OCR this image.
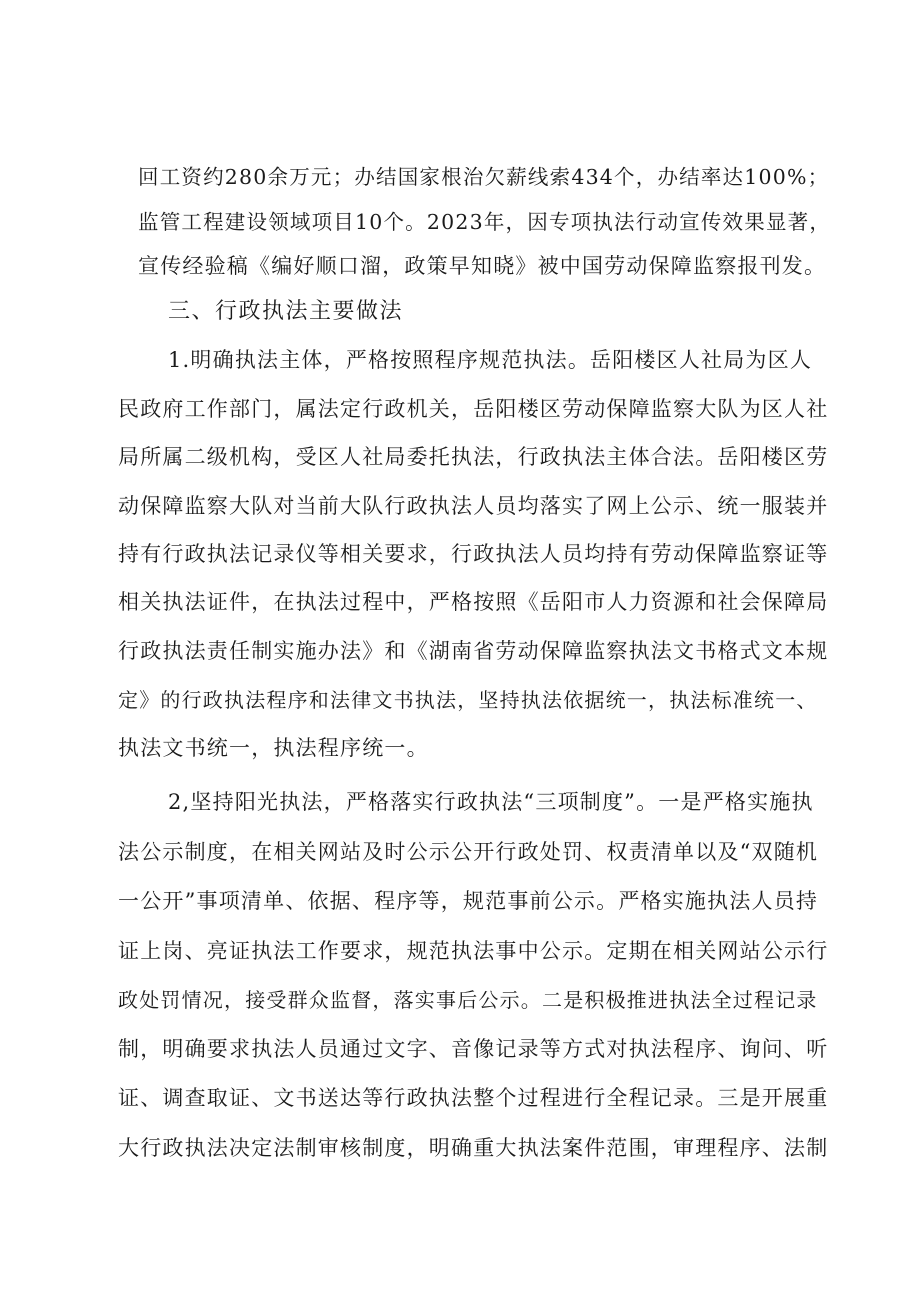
回工资约280余万元；办结国家根治欠薪线索434个，办结率达100%；
监管工程建设领域项目10个。2023年，因专项执法行动宣传效果显著，
宣传经验稿《编好顺口溜，政策早知晓》被中国劳动保障监察报刊发。
三、行政执法主要做法
1.明确执法主体，严格按照程序规范执法。岳阳楼区人社局为区人
民政府工作部门，属法定行政机关，岳阳楼区劳动保障监察大队为区人社
局所属二级机构，受区人社局委托执法，行政执法主体合法。岳阳楼区劳
动保障监察大队对当前大队行政执法人员均落实了网上公示、统一服装并
持有行政执法记录仪等相关要求，行政执法人员均持有劳动保障监察证等
相关执法证件，在执法过程中，严格按照《岳阳市人力资源和社会保障局
行政执法责任制实施办法》和《湖南省劳动保障监察执法文书格式文本规
定》的行政执法程序和法律文书执法，坚持执法依据统一，执法标准统一、
执法文书统一，执法程序统一。
2,坚持阳光执法，严格落实行政执法“三项制度”。一是严格实施执
法公示制度，在相关网站及时公示公开行政处罚、权责清单以及“双随机
一公开”事项清单、依据、程序等，规范事前公示。严格实施执法人员持
证上岗、亮证执法工作要求，规范执法事中公示。定期在相关网站公示行
政处罚情况，接受群众监督，落实事后公示。二是积极推进执法全过程记录
制，明确要求执法人员通过文字、音像记录等方式对执法程序、询问、听
证、调查取证、文书送达等行政执法整个过程进行全程记录。三是开展重
大行政执法决定法制审核制度，明确重大执法案件范围，审理程序、法制
